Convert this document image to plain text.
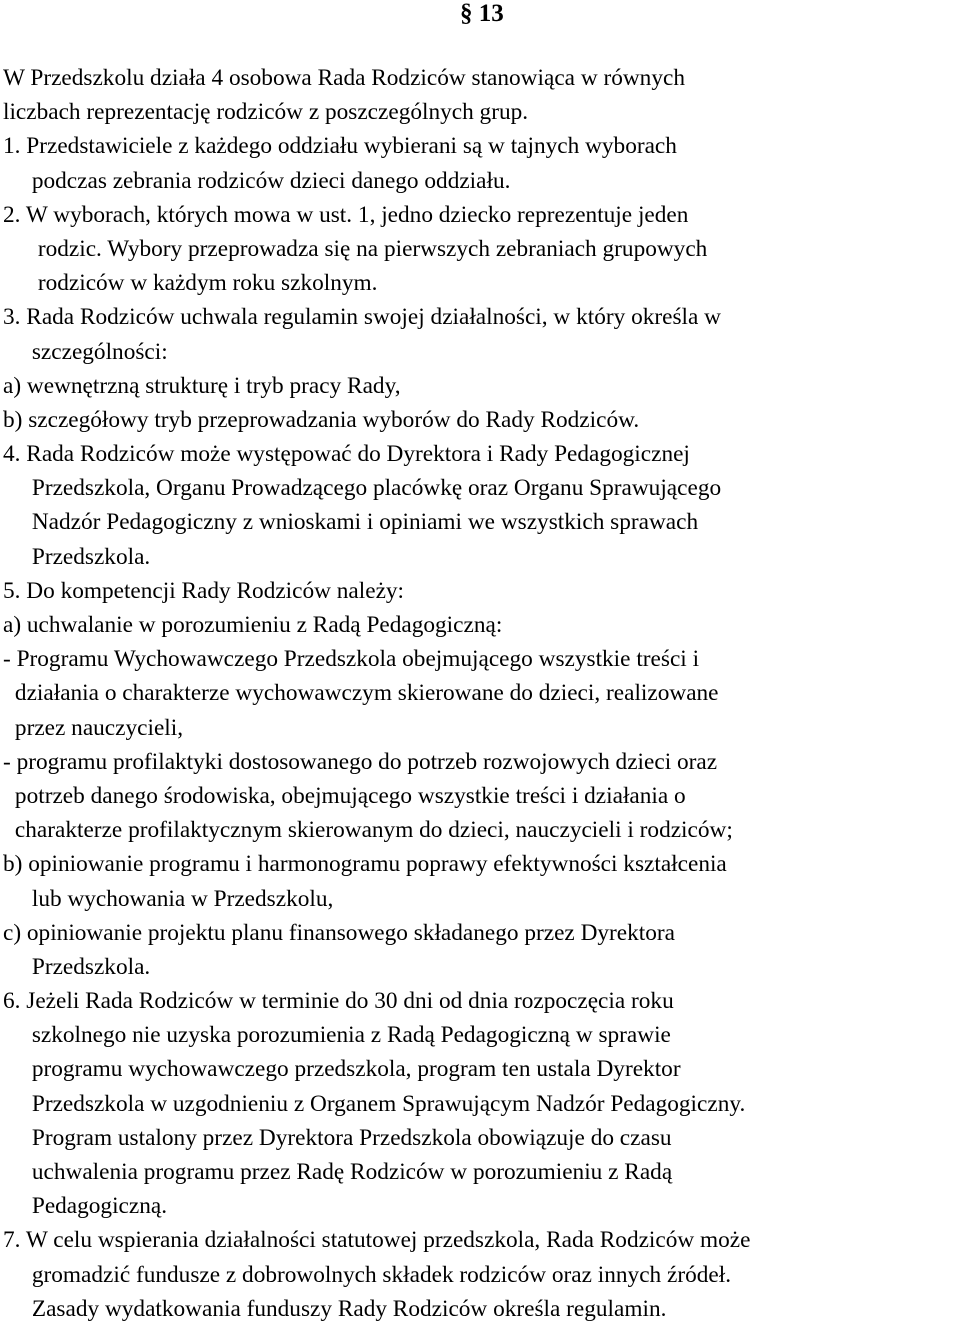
§ 13
W Przedszkolu działa 4 osobowa Rada Rodziców stanowiąca w równych
liczbach reprezentację rodziców z poszczególnych grup.
1. Przedstawiciele z każdego oddziału wybierani są w tajnych wyborach
podczas zebrania rodziców dzieci danego oddziału.
2. W wyborach, których mowa w ust. 1, jedno dziecko reprezentuje jeden
rodzic. Wybory przeprowadza się na pierwszych zebraniach grupowych
rodziców w każdym roku szkolnym.
3. Rada Rodziców uchwala regulamin swojej działalności, w który określa w
szczególności:
a) wewnętrzną strukturę i tryb pracy Rady,
b) szczegółowy tryb przeprowadzania wyborów do Rady Rodziców.
4. Rada Rodziców może występować do Dyrektora i Rady Pedagogicznej
Przedszkola, Organu Prowadzącego placówkę oraz Organu Sprawującego
Nadzór Pedagogiczny z wnioskami i opiniami we wszystkich sprawach
Przedszkola.
5. Do kompetencji Rady Rodziców należy:
a) uchwalanie w porozumieniu z Radą Pedagogiczną:
- Programu Wychowawczego Przedszkola obejmującego wszystkie treści i
działania o charakterze wychowawczym skierowane do dzieci, realizowane
przez nauczycieli,
- programu profilaktyki dostosowanego do potrzeb rozwojowych dzieci oraz
potrzeb danego środowiska, obejmującego wszystkie treści i działania o
charakterze profilaktycznym skierowanym do dzieci, nauczycieli i rodziców;
b) opiniowanie programu i harmonogramu poprawy efektywności kształcenia
lub wychowania w Przedszkolu,
c) opiniowanie projektu planu finansowego składanego przez Dyrektora
Przedszkola.
6. Jeżeli Rada Rodziców w terminie do 30 dni od dnia rozpoczęcia roku
szkolnego nie uzyska porozumienia z Radą Pedagogiczną w sprawie
programu wychowawczego przedszkola, program ten ustala Dyrektor
Przedszkola w uzgodnieniu z Organem Sprawującym Nadzór Pedagogiczny.
Program ustalony przez Dyrektora Przedszkola obowiązuje do czasu
uchwalenia programu przez Radę Rodziców w porozumieniu z Radą
Pedagogiczną.
7. W celu wspierania działalności statutowej przedszkola, Rada Rodziców może
gromadzić fundusze z dobrowolnych składek rodziców oraz innych źródeł.
Zasady wydatkowania funduszy Rady Rodziców określa regulamin.
